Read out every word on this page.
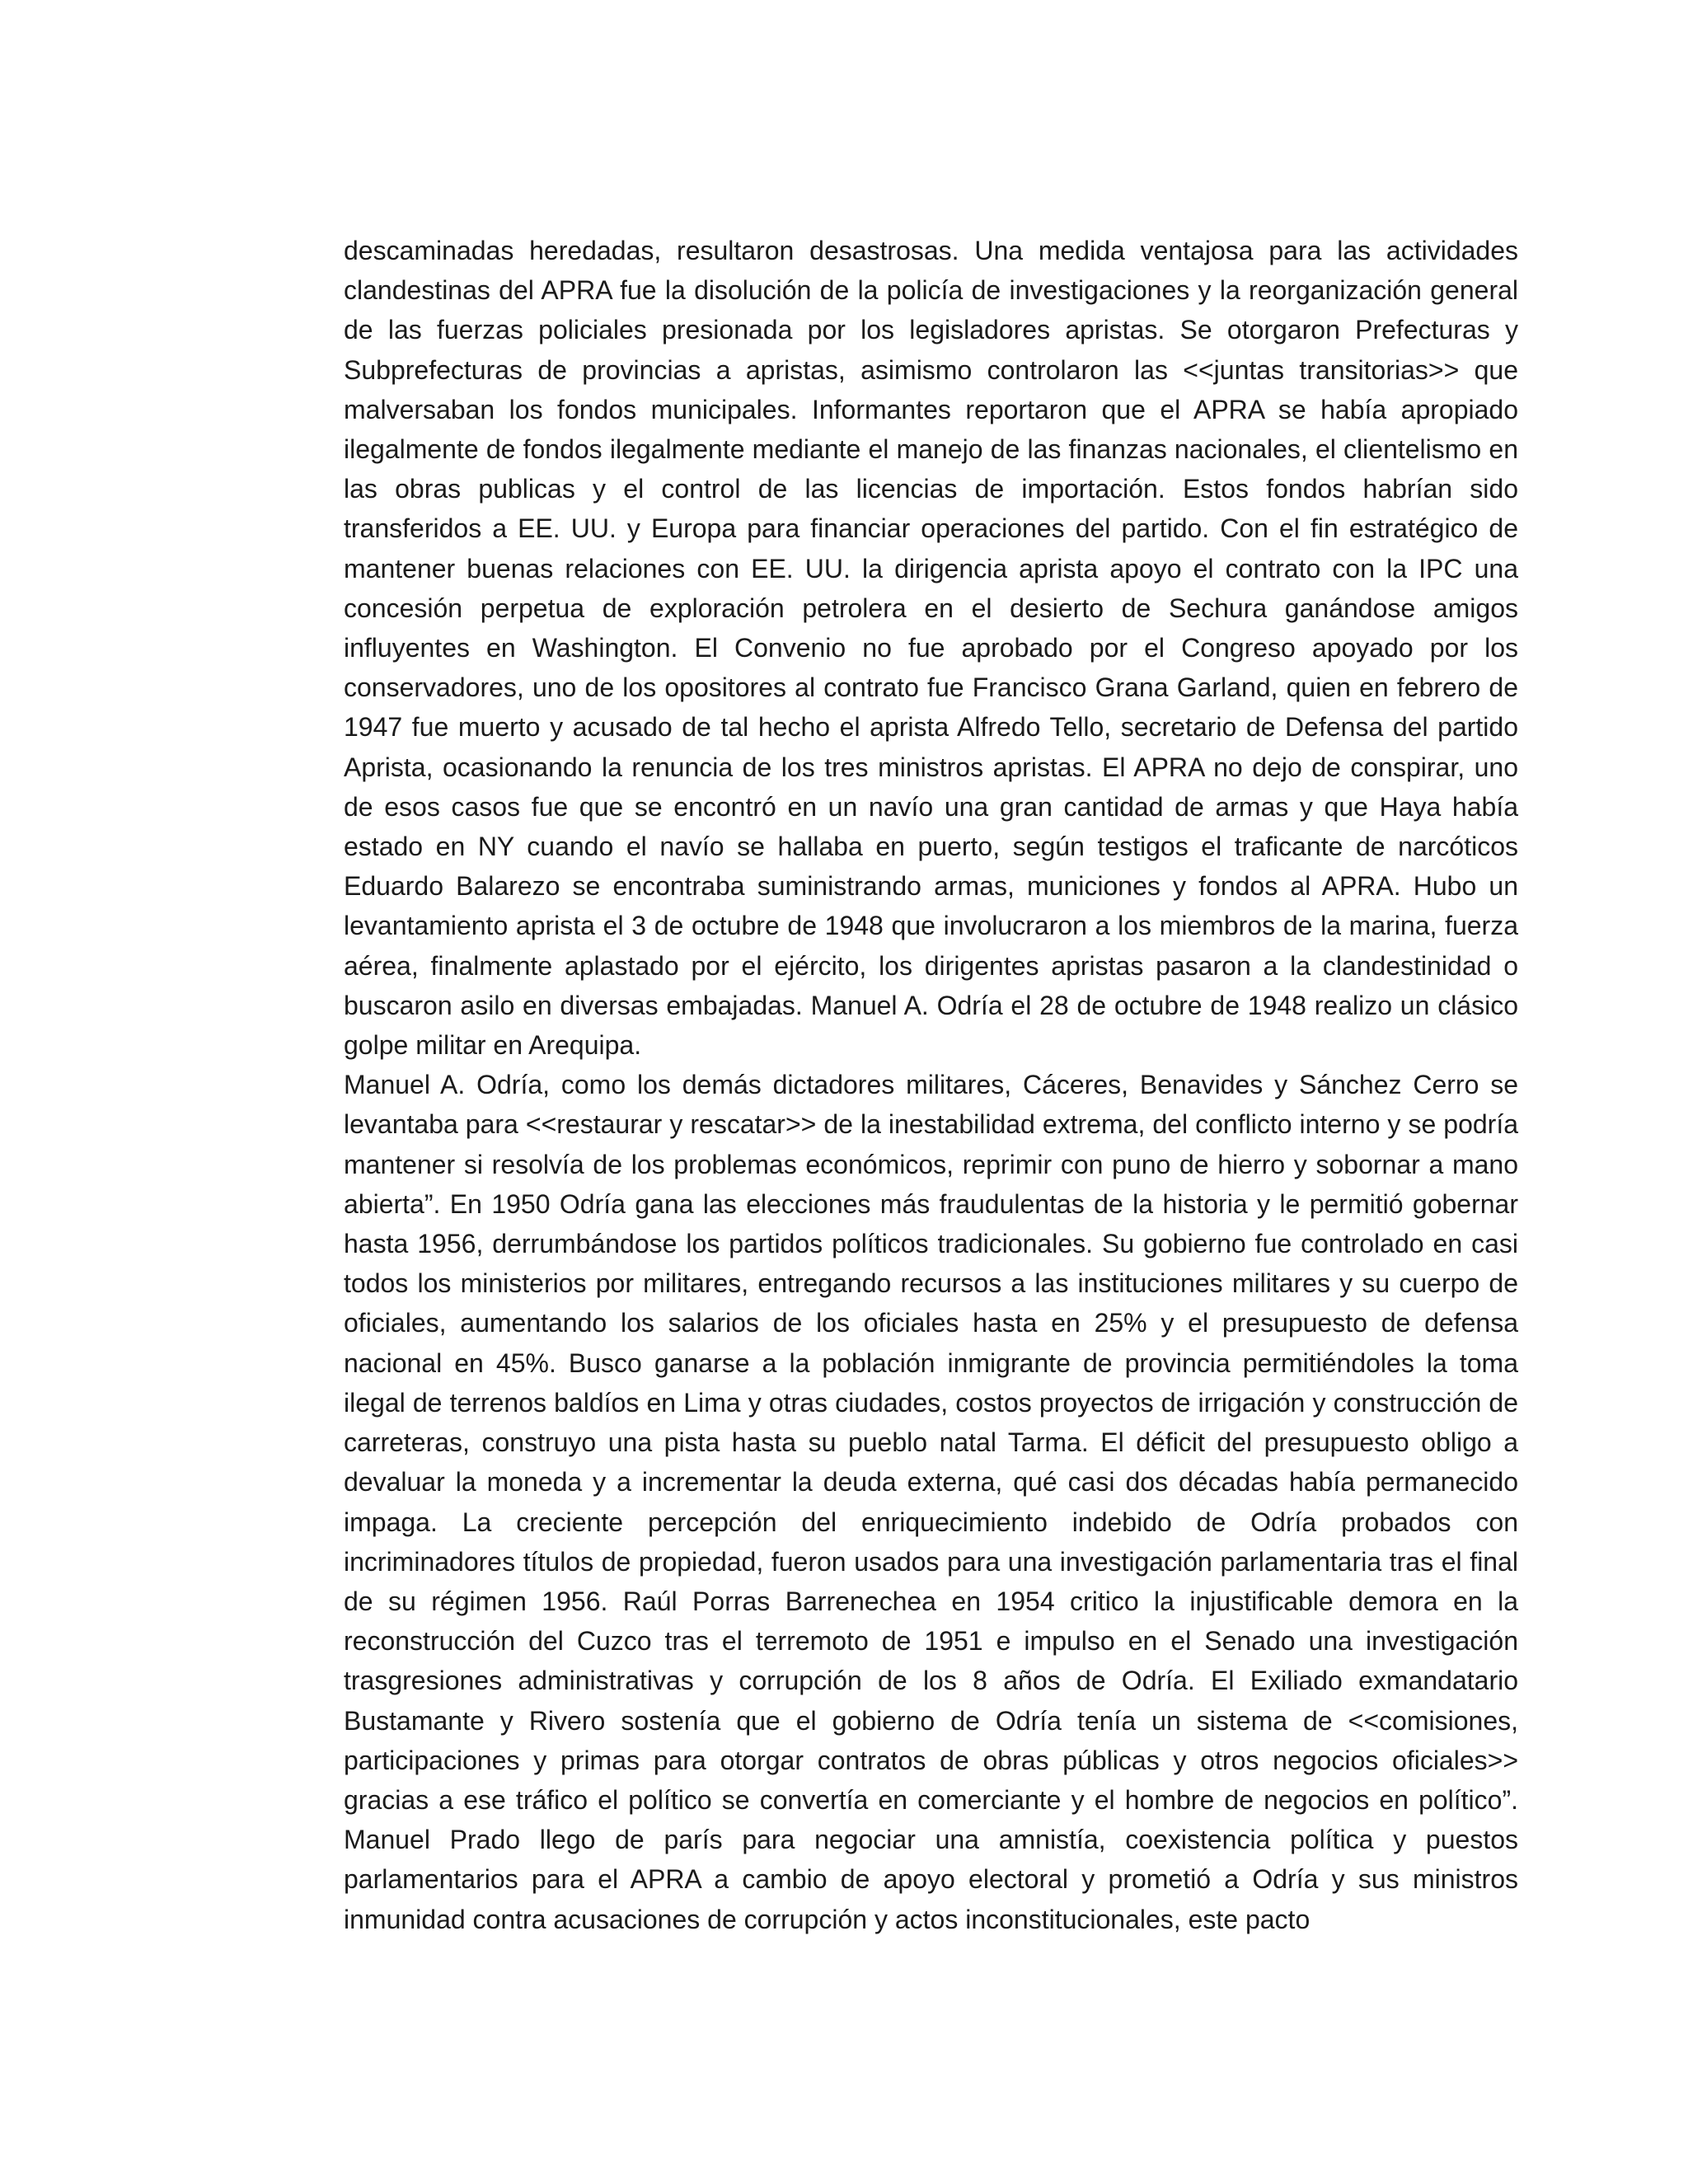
descaminadas heredadas, resultaron desastrosas. Una medida ventajosa para las actividades clandestinas del APRA fue la disolución de la policía de investigaciones y la reorganización general de las fuerzas policiales presionada por los legisladores apristas. Se otorgaron Prefecturas y Subprefecturas de provincias a apristas, asimismo controlaron las <<juntas transitorias>> que malversaban los fondos municipales. Informantes reportaron que el APRA se había apropiado ilegalmente de fondos ilegalmente mediante el manejo de las finanzas nacionales, el clientelismo en las obras publicas y el control de las licencias de importación. Estos fondos habrían sido transferidos a EE. UU. y Europa para financiar operaciones del partido. Con el fin estratégico de mantener buenas relaciones con EE. UU. la dirigencia aprista apoyo el contrato con la IPC una concesión perpetua de exploración petrolera en el desierto de Sechura ganándose amigos influyentes en Washington. El Convenio no fue aprobado por el Congreso apoyado por los conservadores, uno de los opositores al contrato fue Francisco Grana Garland, quien en febrero de 1947 fue muerto y acusado de tal hecho el aprista Alfredo Tello, secretario de Defensa del partido Aprista, ocasionando la renuncia de los tres ministros apristas. El APRA no dejo de conspirar, uno de esos casos fue que se encontró en un navío una gran cantidad de armas y que Haya había estado en NY cuando el navío se hallaba en puerto, según testigos el traficante de narcóticos Eduardo Balarezo se encontraba suministrando armas, municiones y fondos al APRA. Hubo un levantamiento aprista el 3 de octubre de 1948 que involucraron a los miembros de la marina, fuerza aérea, finalmente aplastado por el ejército, los dirigentes apristas pasaron a la clandestinidad o buscaron asilo en diversas embajadas. Manuel A. Odría el 28 de octubre de 1948 realizo un clásico golpe militar en Arequipa.

Manuel A. Odría, como los demás dictadores militares, Cáceres, Benavides y Sánchez Cerro se levantaba para <<restaurar y rescatar>> de la inestabilidad extrema, del conflicto interno y se podría mantener si resolvía de los problemas económicos, reprimir con puno de hierro y sobornar a mano abierta”. En 1950 Odría gana las elecciones más fraudulentas de la historia y le permitió gobernar hasta 1956, derrumbándose los partidos políticos tradicionales. Su gobierno fue controlado en casi todos los ministerios por militares, entregando recursos a las instituciones militares y su cuerpo de oficiales, aumentando los salarios de los oficiales hasta en 25% y el presupuesto de defensa nacional en 45%. Busco ganarse a la población inmigrante de provincia permitiéndoles la toma ilegal de terrenos baldíos en Lima y otras ciudades, costos proyectos de irrigación y construcción de carreteras, construyo una pista hasta su pueblo natal Tarma. El déficit del presupuesto obligo a devaluar la moneda y a incrementar la deuda externa, qué casi dos décadas había permanecido impaga. La creciente percepción del enriquecimiento indebido de Odría probados con incriminadores títulos de propiedad, fueron usados para una investigación parlamentaria tras el final de su régimen 1956. Raúl Porras Barrenechea en 1954 critico la injustificable demora en la reconstrucción del Cuzco tras el terremoto de 1951 e impulso en el Senado una investigación trasgresiones administrativas y corrupción de los 8 años de Odría. El Exiliado exmandatario Bustamante y Rivero sostenía que el gobierno de Odría tenía un sistema de <<comisiones, participaciones y primas para otorgar contratos de obras públicas y otros negocios oficiales>> gracias a ese tráfico el político se convertía en comerciante y el hombre de negocios en político”. Manuel Prado llego de parís para negociar una amnistía, coexistencia política y puestos parlamentarios para el APRA a cambio de apoyo electoral y prometió a Odría y sus ministros inmunidad contra acusaciones de corrupción y actos inconstitucionales, este pacto
